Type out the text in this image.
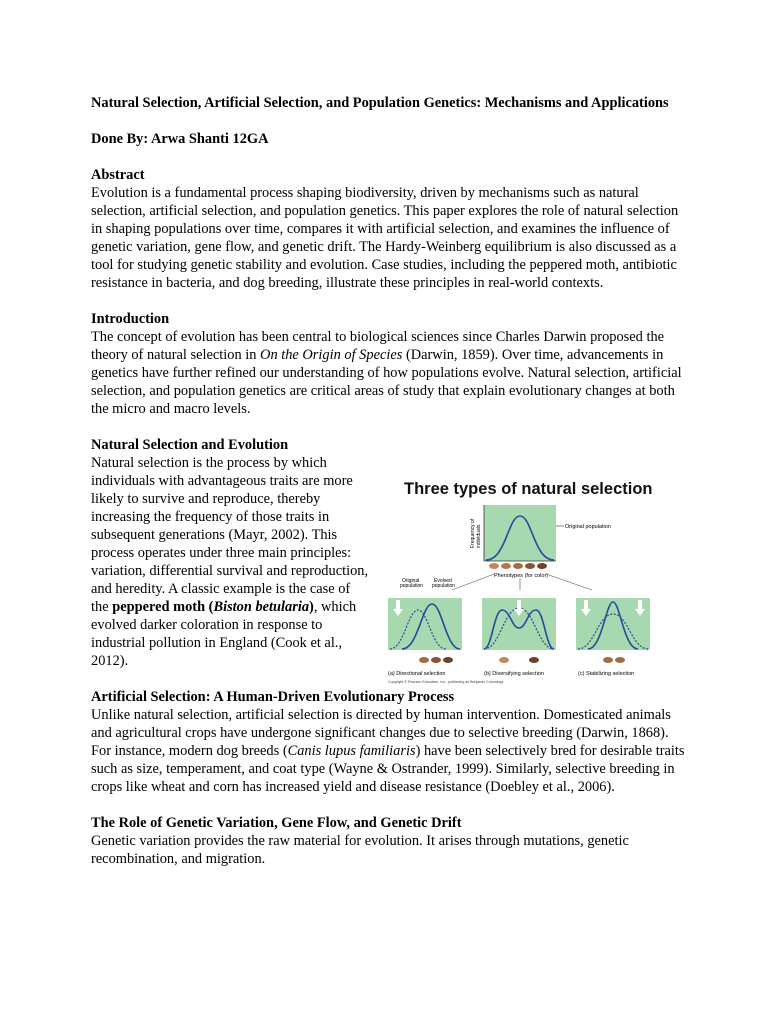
Natural Selection, Artificial Selection, and Population Genetics: Mechanisms and Applications

Done By: Arwa Shanti 12GA

Abstract

Evolution is a fundamental process shaping biodiversity, driven by mechanisms such as natural selection, artificial selection, and population genetics. This paper explores the role of natural selection in shaping populations over time, compares it with artificial selection, and examines the influence of genetic variation, gene flow, and genetic drift. The Hardy-Weinberg equilibrium is also discussed as a tool for studying genetic stability and evolution. Case studies, including the peppered moth, antibiotic resistance in bacteria, and dog breeding, illustrate these principles in real-world contexts.

Introduction

The concept of evolution has been central to biological sciences since Charles Darwin proposed the theory of natural selection in On the Origin of Species (Darwin, 1859). Over time, advancements in genetics have further refined our understanding of how populations evolve. Natural selection, artificial selection, and population genetics are critical areas of study that explain evolutionary changes at both the micro and macro levels.

Natural Selection and Evolution

Natural selection is the process by which individuals with advantageous traits are more likely to survive and reproduce, thereby increasing the frequency of those traits in subsequent generations (Mayr, 2002). This process operates under three main principles: variation, differential survival and reproduction, and heredity. A classic example is the case of the peppered moth (Biston betularia), which evolved darker coloration in response to industrial pollution in England (Cook et al., 2012).

Artificial Selection: A Human-Driven Evolutionary Process

Unlike natural selection, artificial selection is directed by human intervention. Domesticated animals and agricultural crops have undergone significant changes due to selective breeding (Darwin, 1868). For instance, modern dog breeds (Canis lupus familiaris) have been selectively bred for desirable traits such as size, temperament, and coat type (Wayne & Ostrander, 1999). Similarly, selective breeding in crops like wheat and corn has increased yield and disease resistance (Doebley et al., 2006).

The Role of Genetic Variation, Gene Flow, and Genetic Drift

Genetic variation provides the raw material for evolution. It arises through mutations, genetic recombination, and migration.

Three types of natural selection
Original population
Frequency ofindividuals
Phenotypes (for color)
Original population
Evolved population
(a) Directional selection	(b) Diversifying selection	(c) Stabilizing selection
Copyright © Pearson Education, Inc., publishing as Benjamin Cummings
